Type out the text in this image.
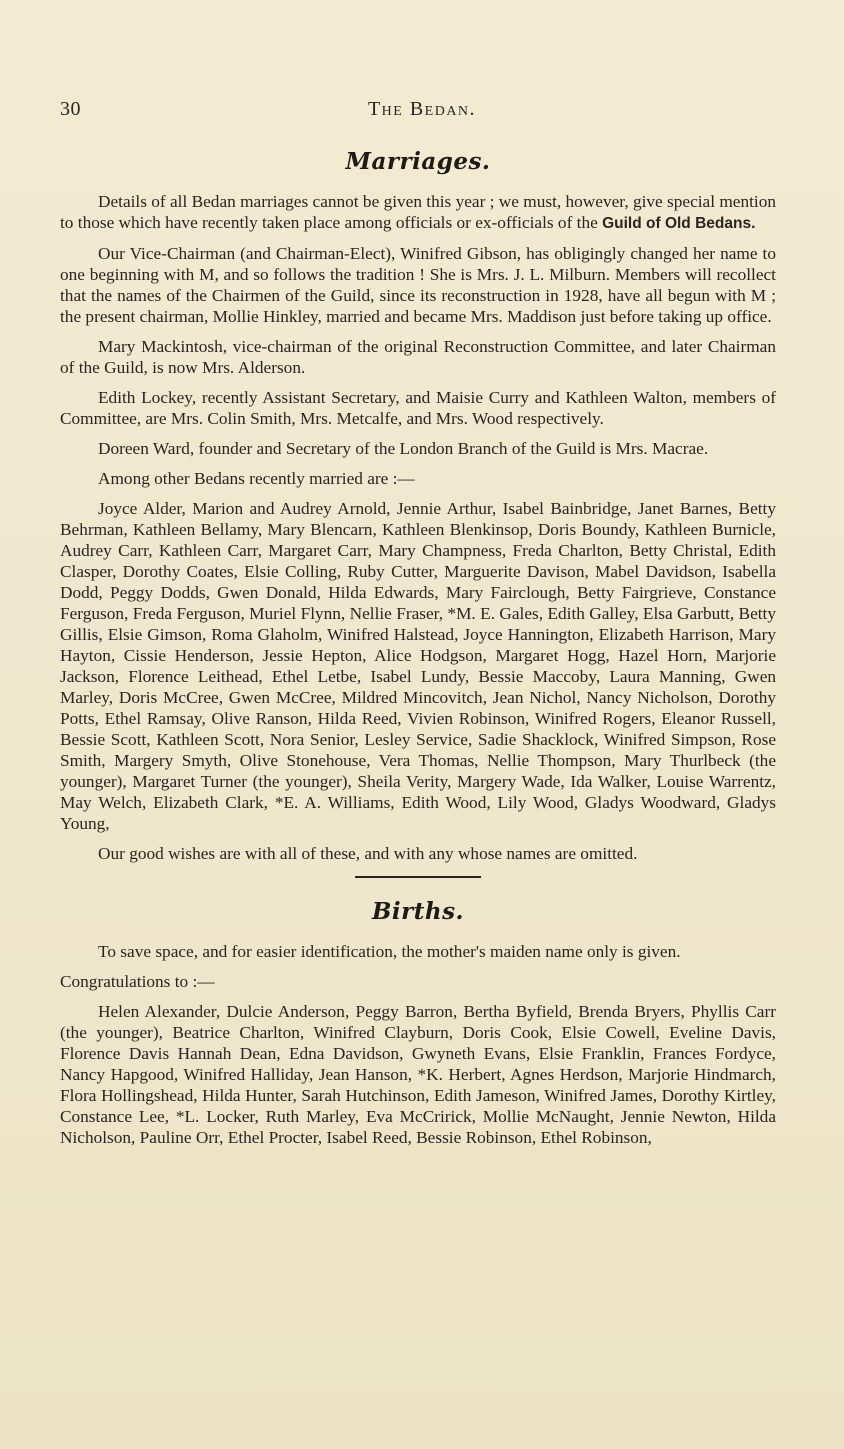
30	The Bedan.
Marriages.

Details of all Bedan marriages cannot be given this year ; we must, however, give special mention to those which have recently taken place among officials or ex-officials of the Guild of Old Bedans.

Our Vice-Chairman (and Chairman-Elect), Winifred Gibson, has obligingly changed her name to one beginning with M, and so follows the tradition ! She is Mrs. J. L. Milburn. Members will recollect that the names of the Chairmen of the Guild, since its reconstruction in 1928, have all begun with M ; the present chairman, Mollie Hinkley, married and became Mrs. Maddison just before taking up office.

Mary Mackintosh, vice-chairman of the original Reconstruction Committee, and later Chairman of the Guild, is now Mrs. Alderson.

Edith Lockey, recently Assistant Secretary, and Maisie Curry and Kathleen Walton, members of Committee, are Mrs. Colin Smith, Mrs. Metcalfe, and Mrs. Wood respectively.

Doreen Ward, founder and Secretary of the London Branch of the Guild is Mrs. Macrae.

Among other Bedans recently married are :—

Joyce Alder, Marion and Audrey Arnold, Jennie Arthur, Isabel Bainbridge, Janet Barnes, Betty Behrman, Kathleen Bellamy, Mary Blencarn, Kathleen Blenkinsop, Doris Boundy, Kathleen Burnicle, Audrey Carr, Kathleen Carr, Margaret Carr, Mary Champness, Freda Charlton, Betty Christal, Edith Clasper, Dorothy Coates, Elsie Colling, Ruby Cutter, Marguerite Davison, Mabel Davidson, Isabella Dodd, Peggy Dodds, Gwen Donald, Hilda Edwards, Mary Fairclough, Betty Fairgrieve, Constance Ferguson, Freda Ferguson, Muriel Flynn, Nellie Fraser, *M. E. Gales, Edith Galley, Elsa Garbutt, Betty Gillis, Elsie Gimson, Roma Glaholm, Winifred Halstead, Joyce Hannington, Elizabeth Harrison, Mary Hayton, Cissie Henderson, Jessie Hepton, Alice Hodgson, Margaret Hogg, Hazel Horn, Marjorie Jackson, Florence Leithead, Ethel Letbe, Isabel Lundy, Bessie Maccoby, Laura Manning, Gwen Marley, Doris McCree, Gwen McCree, Mildred Mincovitch, Jean Nichol, Nancy Nicholson, Dorothy Potts, Ethel Ramsay, Olive Ranson, Hilda Reed, Vivien Robinson, Winifred Rogers, Eleanor Russell, Bessie Scott, Kathleen Scott, Nora Senior, Lesley Service, Sadie Shacklock, Winifred Simpson, Rose Smith, Margery Smyth, Olive Stonehouse, Vera Thomas, Nellie Thompson, Mary Thurlbeck (the younger), Margaret Turner (the younger), Sheila Verity, Margery Wade, Ida Walker, Louise Warrentz, May Welch, Elizabeth Clark, *E. A. Williams, Edith Wood, Lily Wood, Gladys Woodward, Gladys Young,

Our good wishes are with all of these, and with any whose names are omitted.

Births.

To save space, and for easier identification, the mother's maiden name only is given.

Congratulations to :—

Helen Alexander, Dulcie Anderson, Peggy Barron, Bertha Byfield, Brenda Bryers, Phyllis Carr (the younger), Beatrice Charlton, Winifred Clayburn, Doris Cook, Elsie Cowell, Eveline Davis, Florence Davis Hannah Dean, Edna Davidson, Gwyneth Evans, Elsie Franklin, Frances Fordyce, Nancy Hapgood, Winifred Halliday, Jean Hanson, *K. Herbert, Agnes Herdson, Marjorie Hindmarch, Flora Hollingshead, Hilda Hunter, Sarah Hutchinson, Edith Jameson, Winifred James, Dorothy Kirtley, Constance Lee, *L. Locker, Ruth Marley, Eva McCririck, Mollie McNaught, Jennie Newton, Hilda Nicholson, Pauline Orr, Ethel Procter, Isabel Reed, Bessie Robinson, Ethel Robinson,
